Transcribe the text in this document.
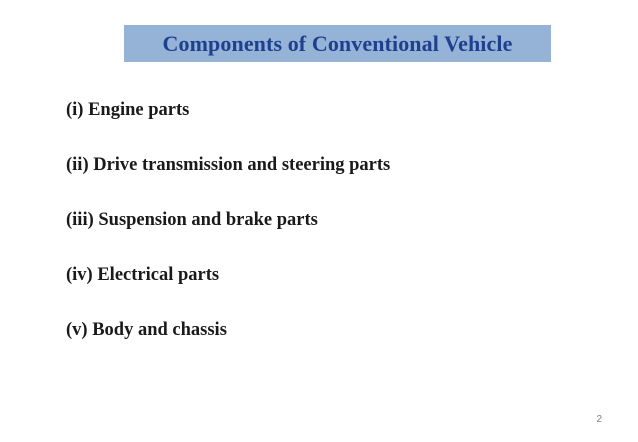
Components of Conventional Vehicle
(i) Engine parts
(ii) Drive transmission and steering parts
(iii) Suspension and brake parts
(iv) Electrical parts
(v) Body and chassis
2
